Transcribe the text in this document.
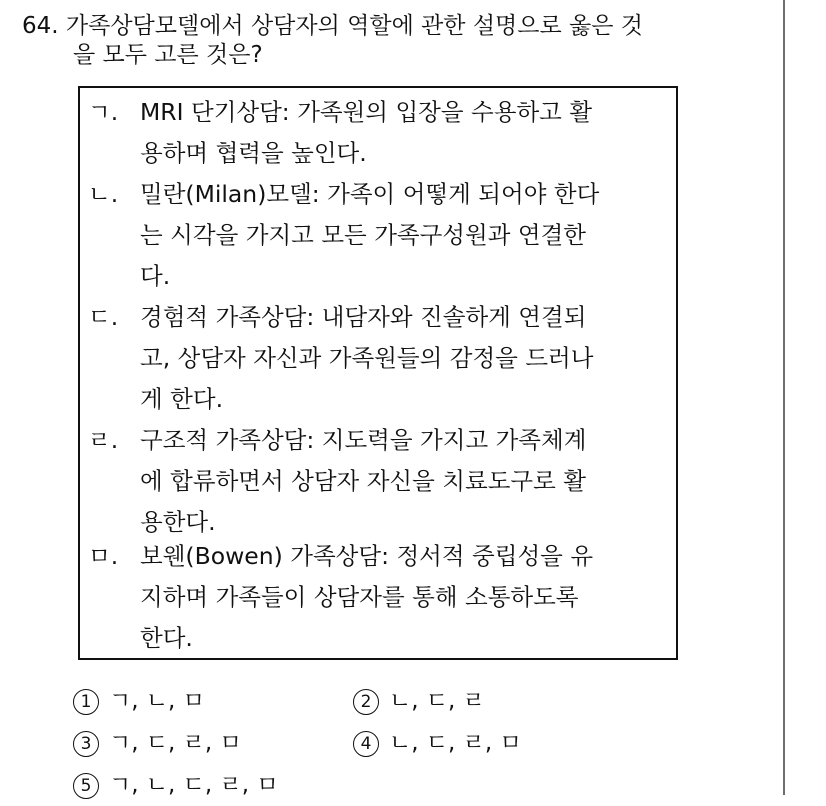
64. 가족상담모델에서 상담자의 역할에 관한 설명으로 옳은 것
을 모두 고른 것은?
ㄱ. MRI 단기상담: 가족원의 입장을 수용하고 활
용하며 협력을 높인다.
ㄴ. 밀란(Milan)모델: 가족이 어떻게 되어야 한다
는 시각을 가지고 모든 가족구성원과 연결한
다.
ㄷ. 경험적 가족상담: 내담자와 진솔하게 연결되
고, 상담자 자신과 가족원들의 감정을 드러나
게 한다.
ㄹ. 구조적 가족상담: 지도력을 가지고 가족체계
에 합류하면서 상담자 자신을 치료도구로 활
용한다.
ㅁ. 보웬(Bowen) 가족상담: 정서적 중립성을 유
지하며 가족들이 상담자를 통해 소통하도록
한다.
1 ㄱ, ㄴ, ㅁ	2 ㄴ, ㄷ, ㄹ
3 ㄱ, ㄷ, ㄹ, ㅁ	4 ㄴ, ㄷ, ㄹ, ㅁ
5 ㄱ, ㄴ, ㄷ, ㄹ, ㅁ
